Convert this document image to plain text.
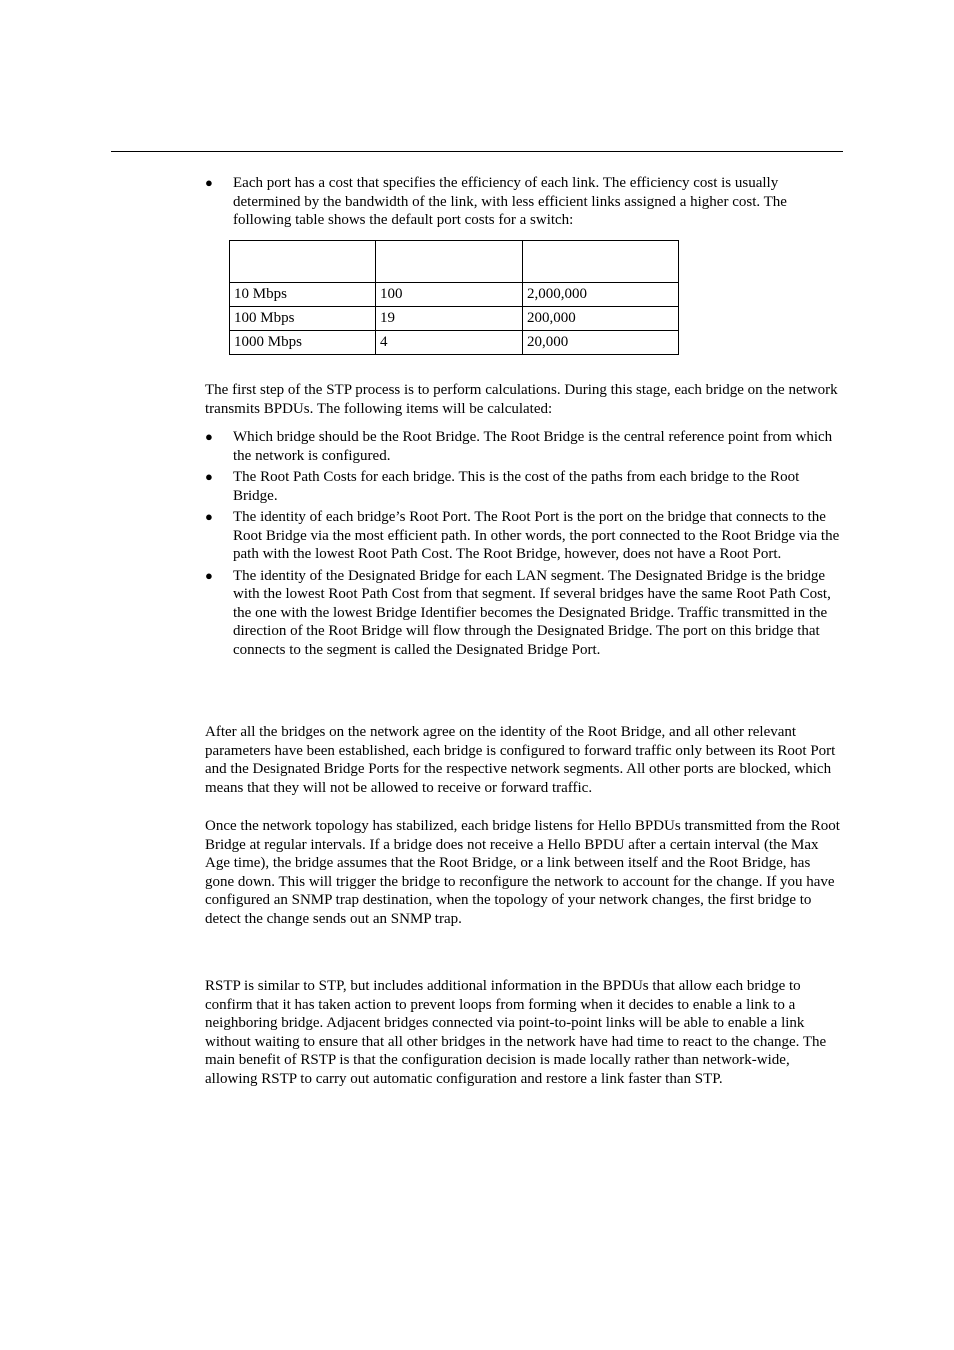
● Each port has a cost that specifies the efficiency of each link. The efficiency cost is usually determined by the bandwidth of the link, with less efficient links assigned a higher cost. The following table shows the default port costs for a switch:

10 Mbps	100	2,000,000
100 Mbps	19	200,000
1000 Mbps	4	20,000

The first step of the STP process is to perform calculations. During this stage, each bridge on the network transmits BPDUs. The following items will be calculated:

● Which bridge should be the Root Bridge. The Root Bridge is the central reference point from which the network is configured.
● The Root Path Costs for each bridge. This is the cost of the paths from each bridge to the Root Bridge.
● The identity of each bridge’s Root Port. The Root Port is the port on the bridge that connects to the Root Bridge via the most efficient path. In other words, the port connected to the Root Bridge via the path with the lowest Root Path Cost. The Root Bridge, however, does not have a Root Port.
● The identity of the Designated Bridge for each LAN segment. The Designated Bridge is the bridge with the lowest Root Path Cost from that segment. If several bridges have the same Root Path Cost, the one with the lowest Bridge Identifier becomes the Designated Bridge. Traffic transmitted in the direction of the Root Bridge will flow through the Designated Bridge. The port on this bridge that connects to the segment is called the Designated Bridge Port.

After all the bridges on the network agree on the identity of the Root Bridge, and all other relevant parameters have been established, each bridge is configured to forward traffic only between its Root Port and the Designated Bridge Ports for the respective network segments. All other ports are blocked, which means that they will not be allowed to receive or forward traffic.

Once the network topology has stabilized, each bridge listens for Hello BPDUs transmitted from the Root Bridge at regular intervals. If a bridge does not receive a Hello BPDU after a certain interval (the Max Age time), the bridge assumes that the Root Bridge, or a link between itself and the Root Bridge, has gone down. This will trigger the bridge to reconfigure the network to account for the change. If you have configured an SNMP trap destination, when the topology of your network changes, the first bridge to detect the change sends out an SNMP trap.

RSTP is similar to STP, but includes additional information in the BPDUs that allow each bridge to confirm that it has taken action to prevent loops from forming when it decides to enable a link to a neighboring bridge. Adjacent bridges connected via point-to-point links will be able to enable a link without waiting to ensure that all other bridges in the network have had time to react to the change. The main benefit of RSTP is that the configuration decision is made locally rather than network-wide, allowing RSTP to carry out automatic configuration and restore a link faster than STP.
